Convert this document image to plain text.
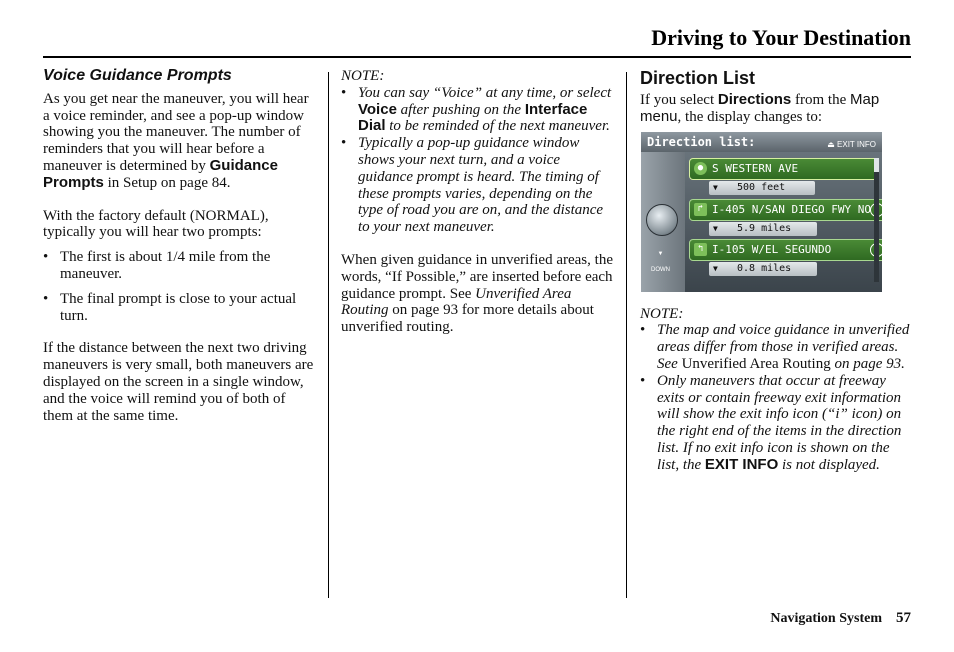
Driving to Your Destination
Voice Guidance Prompts

As you get near the maneuver, you will hear a voice reminder, and see a pop-up window showing you the maneuver. The number of reminders that you will hear before a maneuver is determined by Guidance Prompts in Setup on page 84.

With the factory default (NORMAL), typically you will hear two prompts:

• The first is about 1/4 mile from the maneuver.
• The final prompt is close to your actual turn.

If the distance between the next two driving maneuvers is very small, both maneuvers are displayed on the screen in a single window, and the voice will remind you of both of them at the same time.

NOTE:
• You can say “Voice” at any time, or select Voice after pushing on the Interface Dial to be reminded of the next maneuver.
• Typically a pop-up guidance window shows your next turn, and a voice guidance prompt is heard. The timing of these prompts varies, depending on the type of road you are on, and the distance to your next maneuver.

When given guidance in unverified areas, the words, “If Possible,” are inserted before each guidance prompt. See Unverified Area Routing on page 93 for more details about unverified routing.

Direction List

If you select Directions from the Map menu, the display changes to:

Direction list:	⏏ EXIT INFO
▼
DOWN
● S WESTERN AVE
▼ 500 feet
↱ I-405 N/SAN DIEGO FWY NO
▼ 5.9 miles
↰ I-105 W/EL SEGUNDO
▼ 0.8 miles
NOTE:
• The map and voice guidance in unverified areas differ from those in verified areas. See Unverified Area Routing on page 93.
• Only maneuvers that occur at freeway exits or contain freeway exit information will show the exit info icon (“i” icon) on the right end of the items in the direction list. If no exit info icon is shown on the list, the EXIT INFO is not displayed.
Navigation System 57
